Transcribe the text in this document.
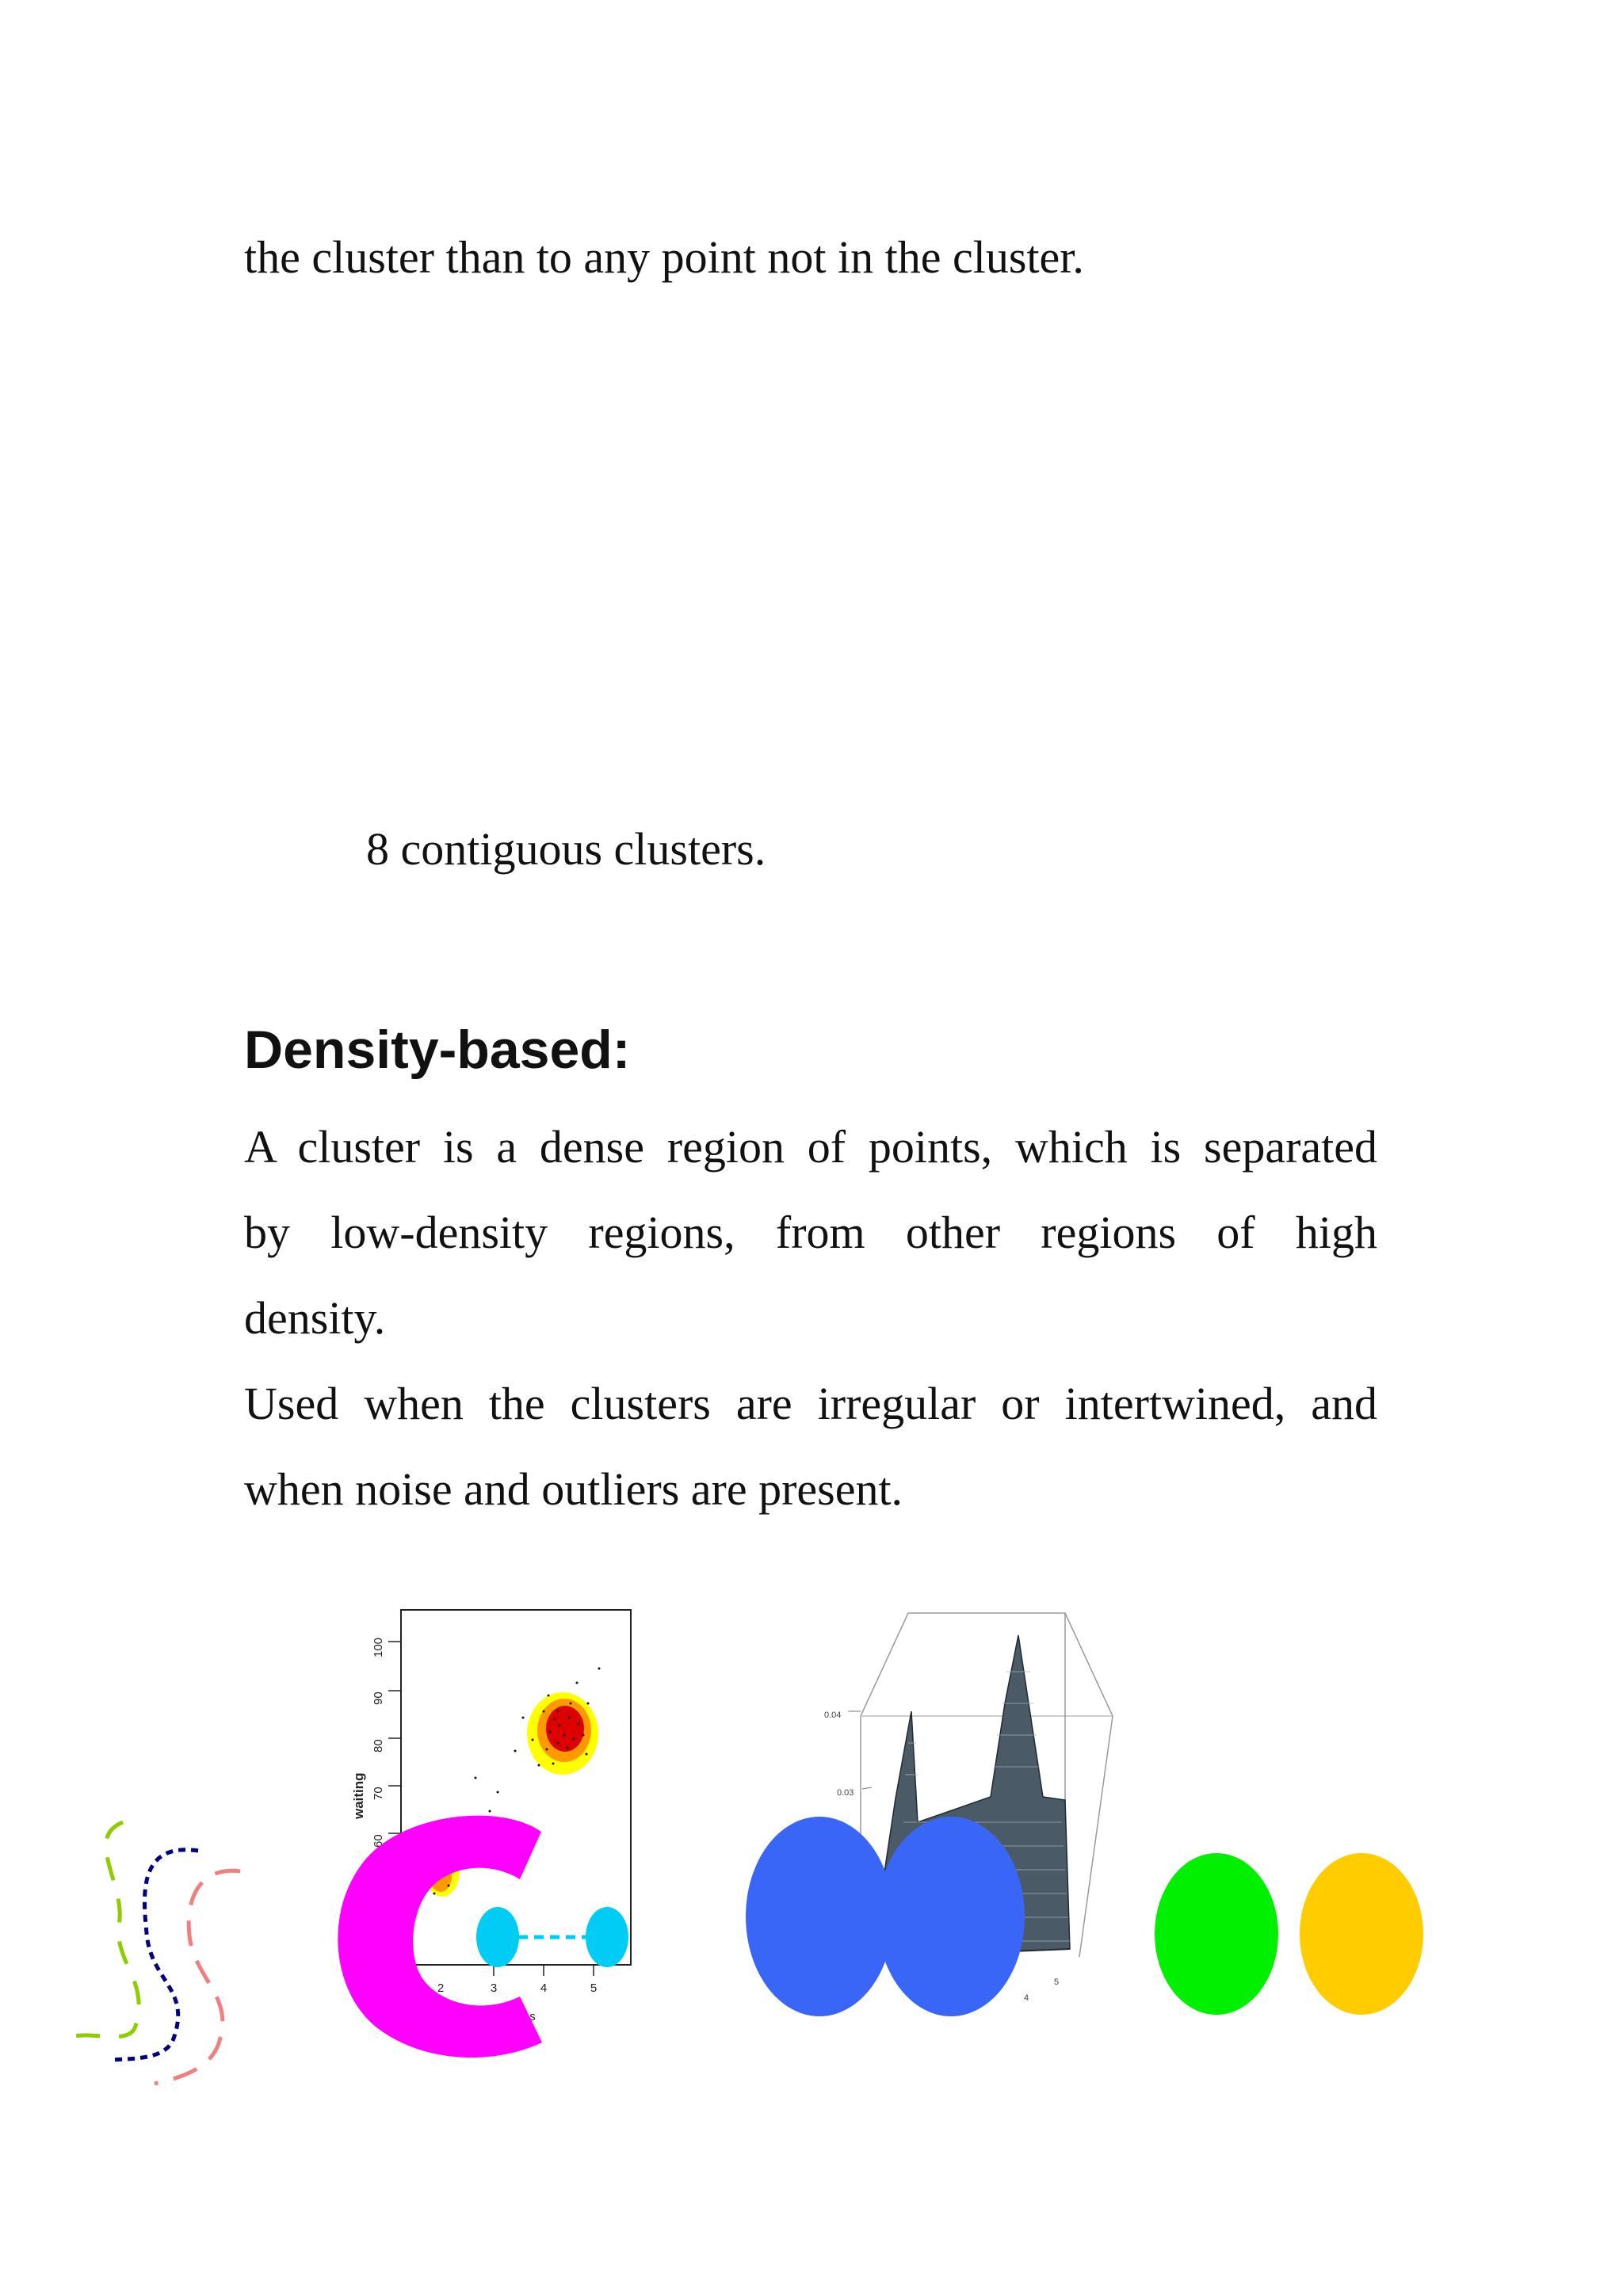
the cluster than to any point not in the cluster.

8 contiguous clusters.

Density-based:

A cluster is a dense region of points, which is separated

by low-density regions, from other regions of high

density.

Used when the clusters are irregular or intertwined, and

when noise and outliers are present.

60
70
80
90
100
waiting
2	3	4	5
s
0.04
0.03
5
4
